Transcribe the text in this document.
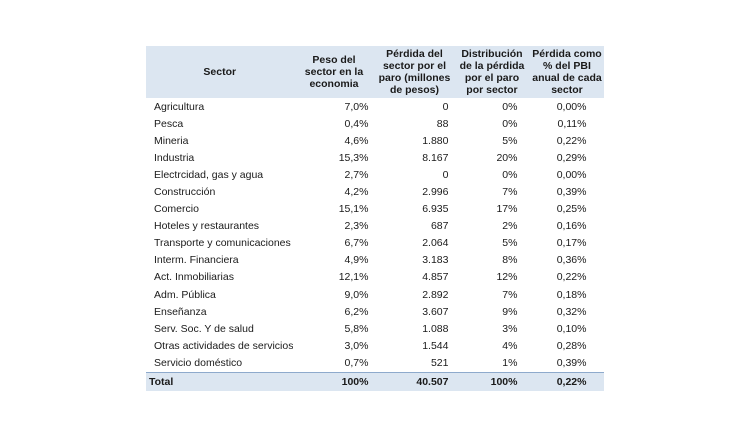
Sector	Peso del sector en la economia	Pérdida del sector por el paro (millones de pesos)	Distribución de la pérdida por el paro por sector	Pérdida como % del PBI anual de cada sector
Agricultura	7,0%	0	0%	0,00%
Pesca	0,4%	88	0%	0,11%
Mineria	4,6%	1.880	5%	0,22%
Industria	15,3%	8.167	20%	0,29%
Electrcidad, gas y agua	2,7%	0	0%	0,00%
Construcción	4,2%	2.996	7%	0,39%
Comercio	15,1%	6.935	17%	0,25%
Hoteles y restaurantes	2,3%	687	2%	0,16%
Transporte y comunicaciones	6,7%	2.064	5%	0,17%
Interm. Financiera	4,9%	3.183	8%	0,36%
Act. Inmobiliarias	12,1%	4.857	12%	0,22%
Adm. Pública	9,0%	2.892	7%	0,18%
Enseñanza	6,2%	3.607	9%	0,32%
Serv. Soc. Y de salud	5,8%	1.088	3%	0,10%
Otras actividades de servicios	3,0%	1.544	4%	0,28%
Servicio doméstico	0,7%	521	1%	0,39%
Total	100%	40.507	100%	0,22%
